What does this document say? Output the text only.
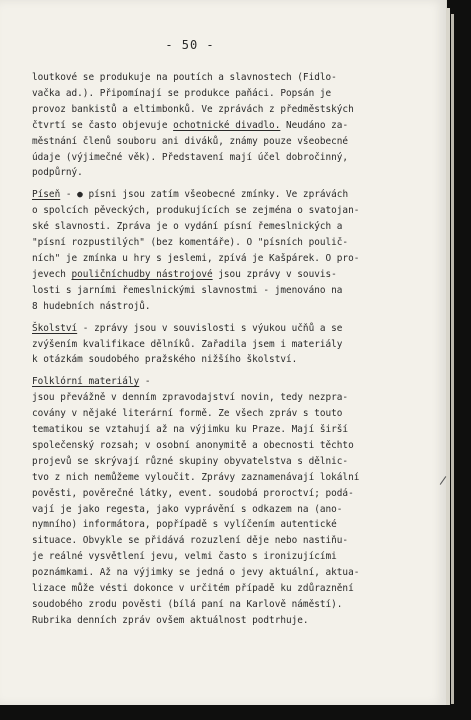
- 50 -
loutkové se produkuje na poutích a slavnostech (Fidlo-
vačka ad.). Připomínají se produkce paňáci. Popsán je
provoz bankistů a eltimbonků. Ve zprávách z předměstských
čtvrtí se často objevuje ochotnické divadlo. Neudáno za-
městnání členů souboru ani diváků, známy pouze všeobecné
údaje (výjimečné věk). Představení mají účel dobročinný,
podpůrný.
Píseň - ● písni jsou zatím všeobecné zmínky. Ve zprávách
o spolcích pěveckých, produkujících se zejména o svatojan-
ské slavnosti. Zpráva je o vydání písní řemeslnických a
"písní rozpustilých" (bez komentáře). O "písních poulič-
ních" je zmínka u hry s jeslemi, zpívá je Kašpárek. O pro-
jevech pouličníchudby nástrojové jsou zprávy v souvis-
losti s jarními řemeslnickými slavnostmi - jmenováno na
8 hudebních nástrojů.
Školství - zprávy jsou v souvislosti s výukou učňů a se
zvýšením kvalifikace dělníků. Zařadila jsem i materiály
k otázkám soudobého pražského nižšího školství.
Folklórní materiály -
jsou převážně v denním zpravodajství novin, tedy nezpra-
covány v nějaké literární formě. Ze všech zpráv s touto
tematikou se vztahují až na výjimku ku Praze. Mají širší
společenský rozsah; v osobní anonymitě a obecnosti těchto
projevů se skrývají různé skupiny obyvatelstva s dělnic-
tvo z nich nemůžeme vyloučit. Zprávy zaznamenávají lokální
pověsti, pověrečné látky, event. soudobá proroctví; podá-
vají je jako regesta, jako vyprávění s odkazem na (ano-
nymního) informátora, popřípadě s vylíčením autentické
situace. Obvykle se přidává rozuzlení děje nebo nastiňu-
je reálné vysvětlení jevu, velmi často s ironizujícími
poznámkami. Až na výjimky se jedná o jevy aktuální, aktua-
lizace může vésti dokonce v určitém případě ku zdůraznění
soudobého zrodu pověsti (bílá paní na Karlově náměstí).
Rubrika denních zpráv ovšem aktuálnost podtrhuje.
